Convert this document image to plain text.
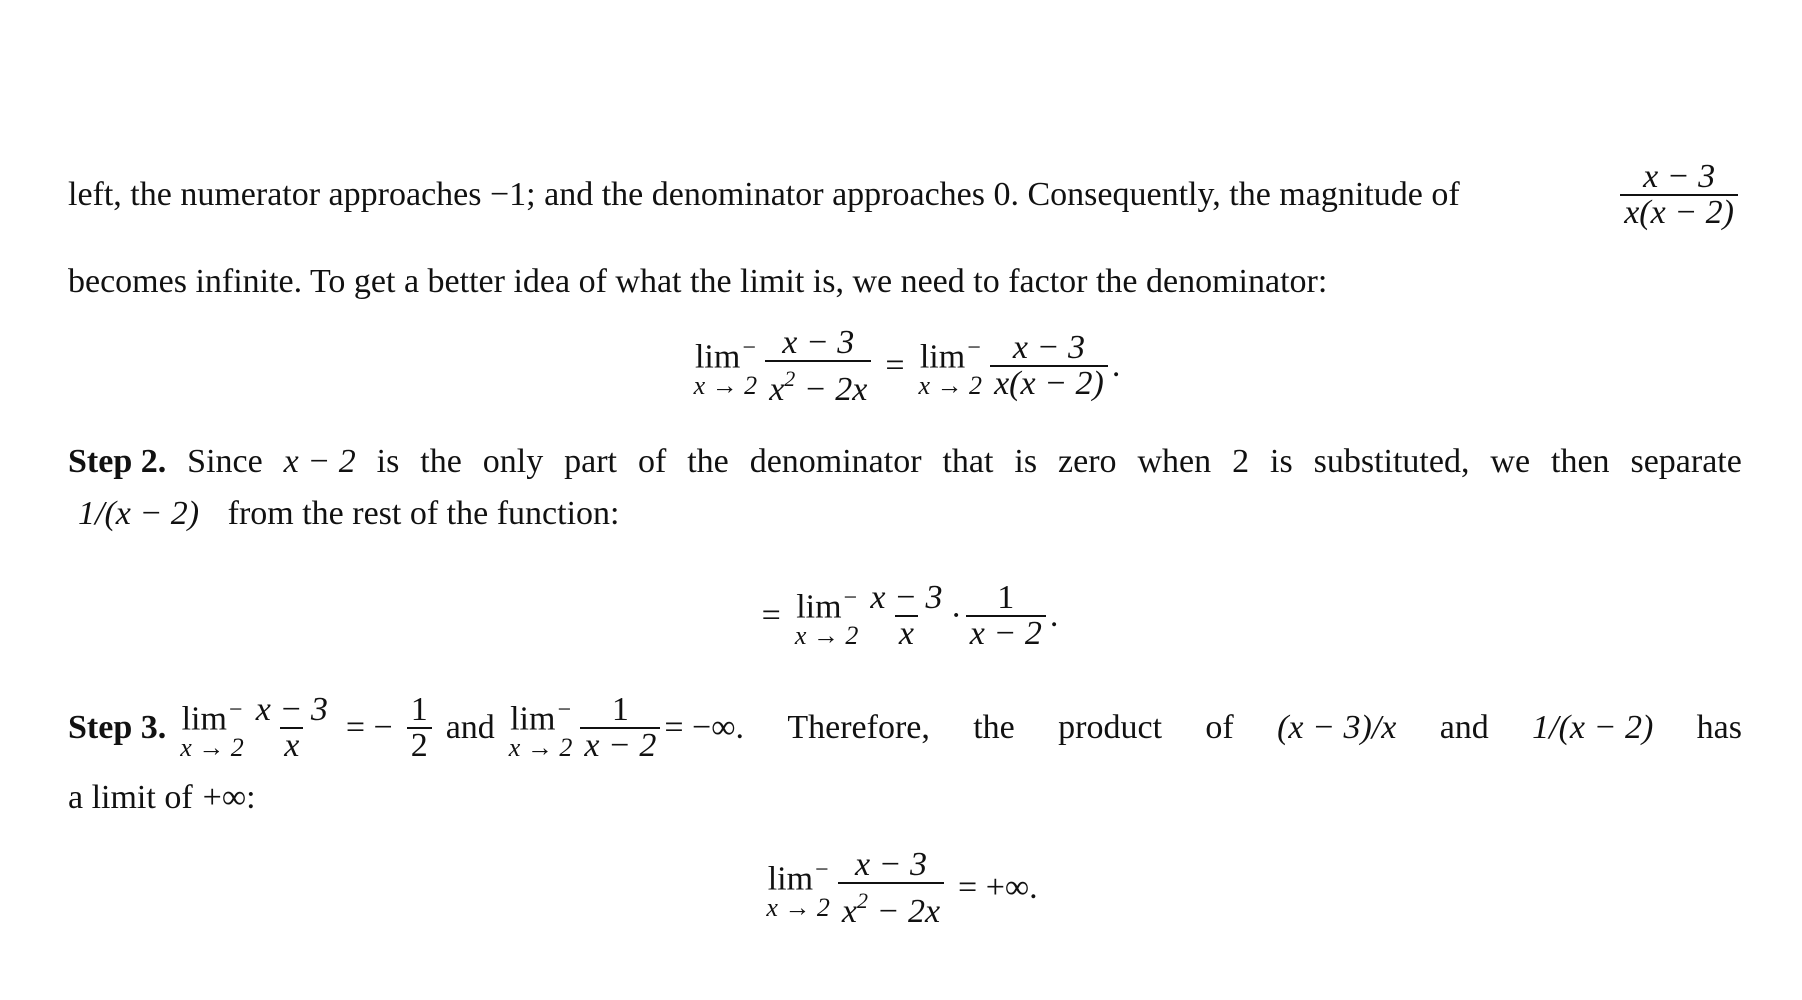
left, the numerator approaches −1; and the denominator approaches 0. Consequently, the magnitude of	$\frac{x - 3}{x(x - 2)}$
becomes infinite. To get a better idea of what the limit is, we need to factor the denominator:
lim−
$x \to 2 \frac{x - 3}{x^2 - 2x} = \lim^-$
$x \to 2 \frac{x - 3}{x(x - 2)}$ .
Step 2. Since x − 2 is the only part of the denominator that is zero when 2 is substituted, we then separate
1/(x − 2) from the rest of the function:
= lim−
$x \to 2 \frac{x - 3}{x} \cdot \frac{1}{x - 2}$ .
Step 3. lim−
$x \to 2 \frac{x - 3}{x}$ = − $\frac{1}{2}$ and lim−
$x \to 2 \frac{1}{x - 2}$ = −∞. Therefore, the product of (x − 3)/x and 1/(x − 2) has
a limit of +∞:
lim−
$x \to 2 \frac{x - 3}{x^2 - 2x}$ = +∞.
